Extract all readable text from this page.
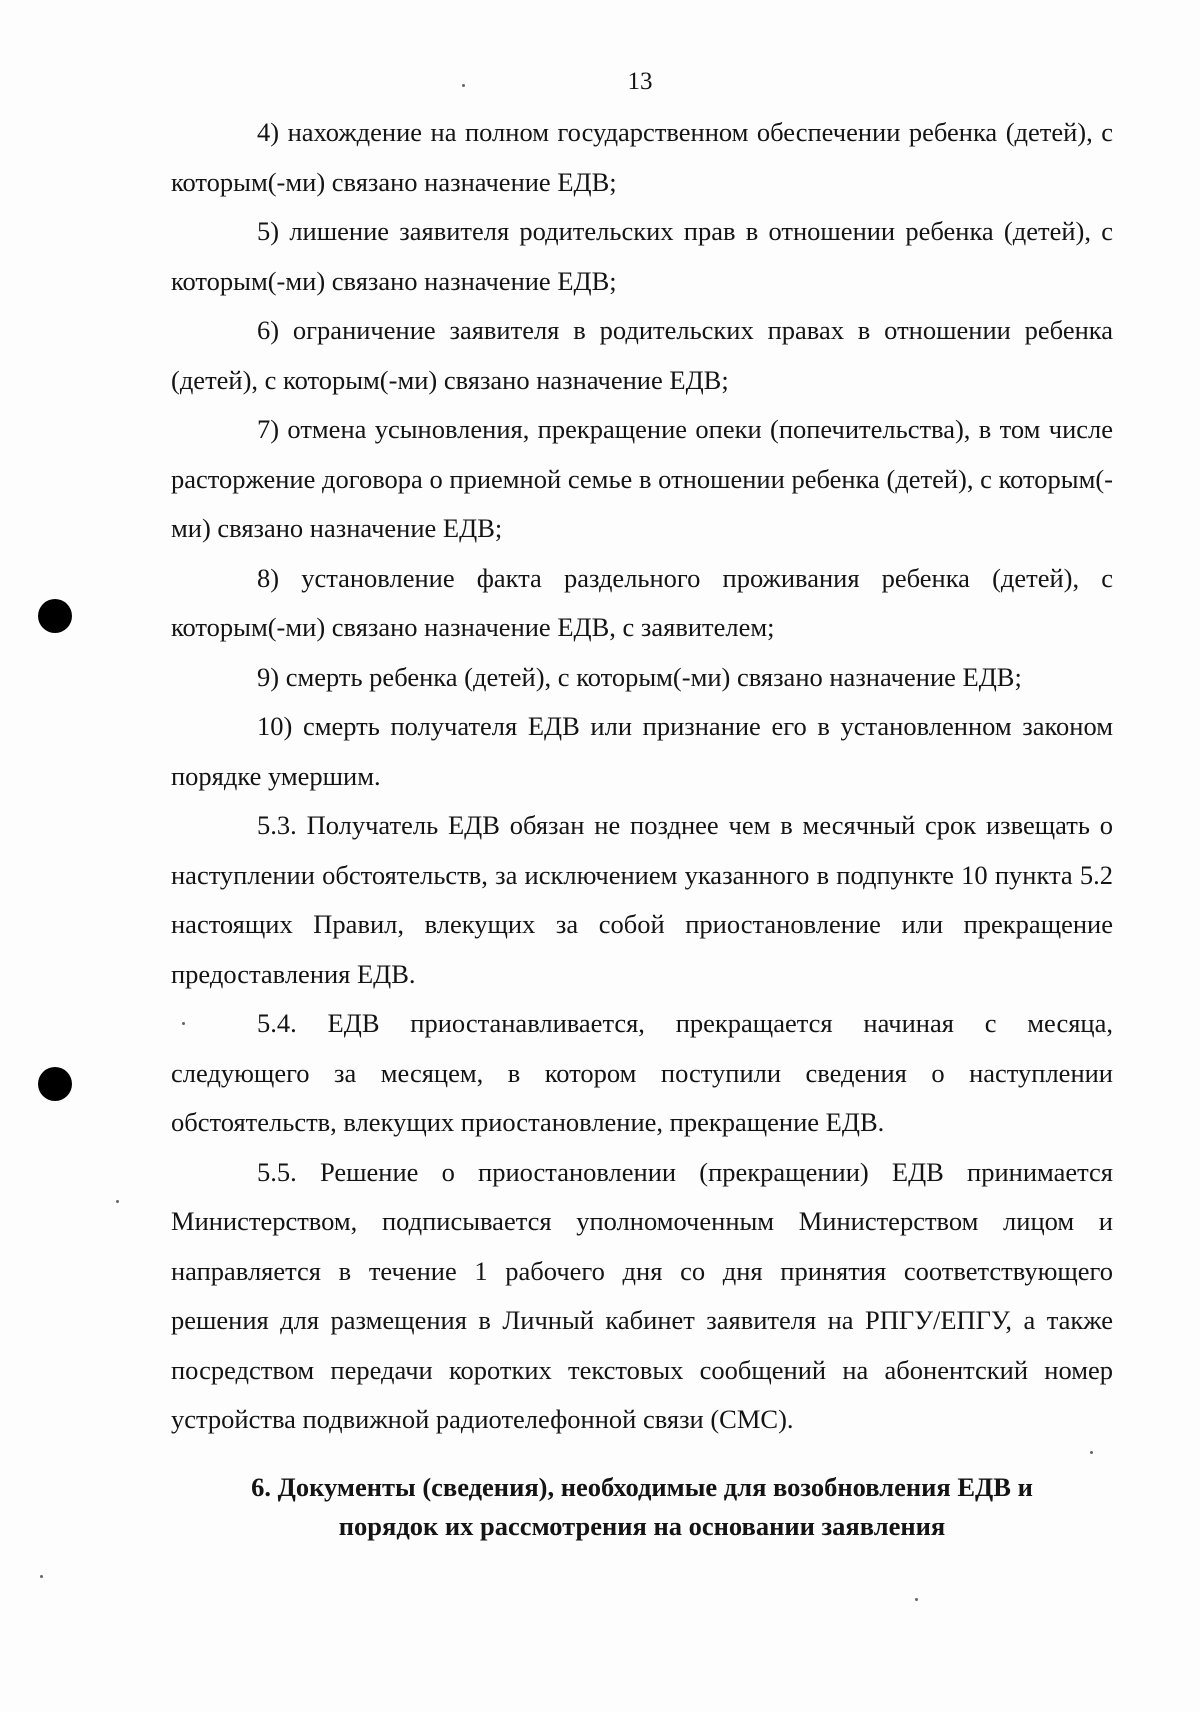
13

4) нахождение на полном государственном обеспечении ребенка (детей), с которым(-ми) связано назначение ЕДВ;

5) лишение заявителя родительских прав в отношении ребенка (детей), с которым(-ми) связано назначение ЕДВ;

6) ограничение заявителя в родительских правах в отношении ребенка (детей), с которым(-ми) связано назначение ЕДВ;

7) отмена усыновления, прекращение опеки (попечительства), в том числе расторжение договора о приемной семье в отношении ребенка (детей), с которым(-ми) связано назначение ЕДВ;

8) установление факта раздельного проживания ребенка (детей), с которым(-ми) связано назначение ЕДВ, с заявителем;

9) смерть ребенка (детей), с которым(-ми) связано назначение ЕДВ;

10) смерть получателя ЕДВ или признание его в установленном законом порядке умершим.

5.3. Получатель ЕДВ обязан не позднее чем в месячный срок извещать о наступлении обстоятельств, за исключением указанного в подпункте 10 пункта 5.2 настоящих Правил, влекущих за собой приостановление или прекращение предоставления ЕДВ.

5.4. ЕДВ приостанавливается, прекращается начиная с месяца, следующего за месяцем, в котором поступили сведения о наступлении обстоятельств, влекущих приостановление, прекращение ЕДВ.

5.5. Решение о приостановлении (прекращении) ЕДВ принимается Министерством, подписывается уполномоченным Министерством лицом и направляется в течение 1 рабочего дня со дня принятия соответствующего решения для размещения в Личный кабинет заявителя на РПГУ/ЕПГУ, а также посредством передачи коротких текстовых сообщений на абонентский номер устройства подвижной радиотелефонной связи (СМС).

6. Документы (сведения), необходимые для возобновления ЕДВ и
порядок их рассмотрения на основании заявления
